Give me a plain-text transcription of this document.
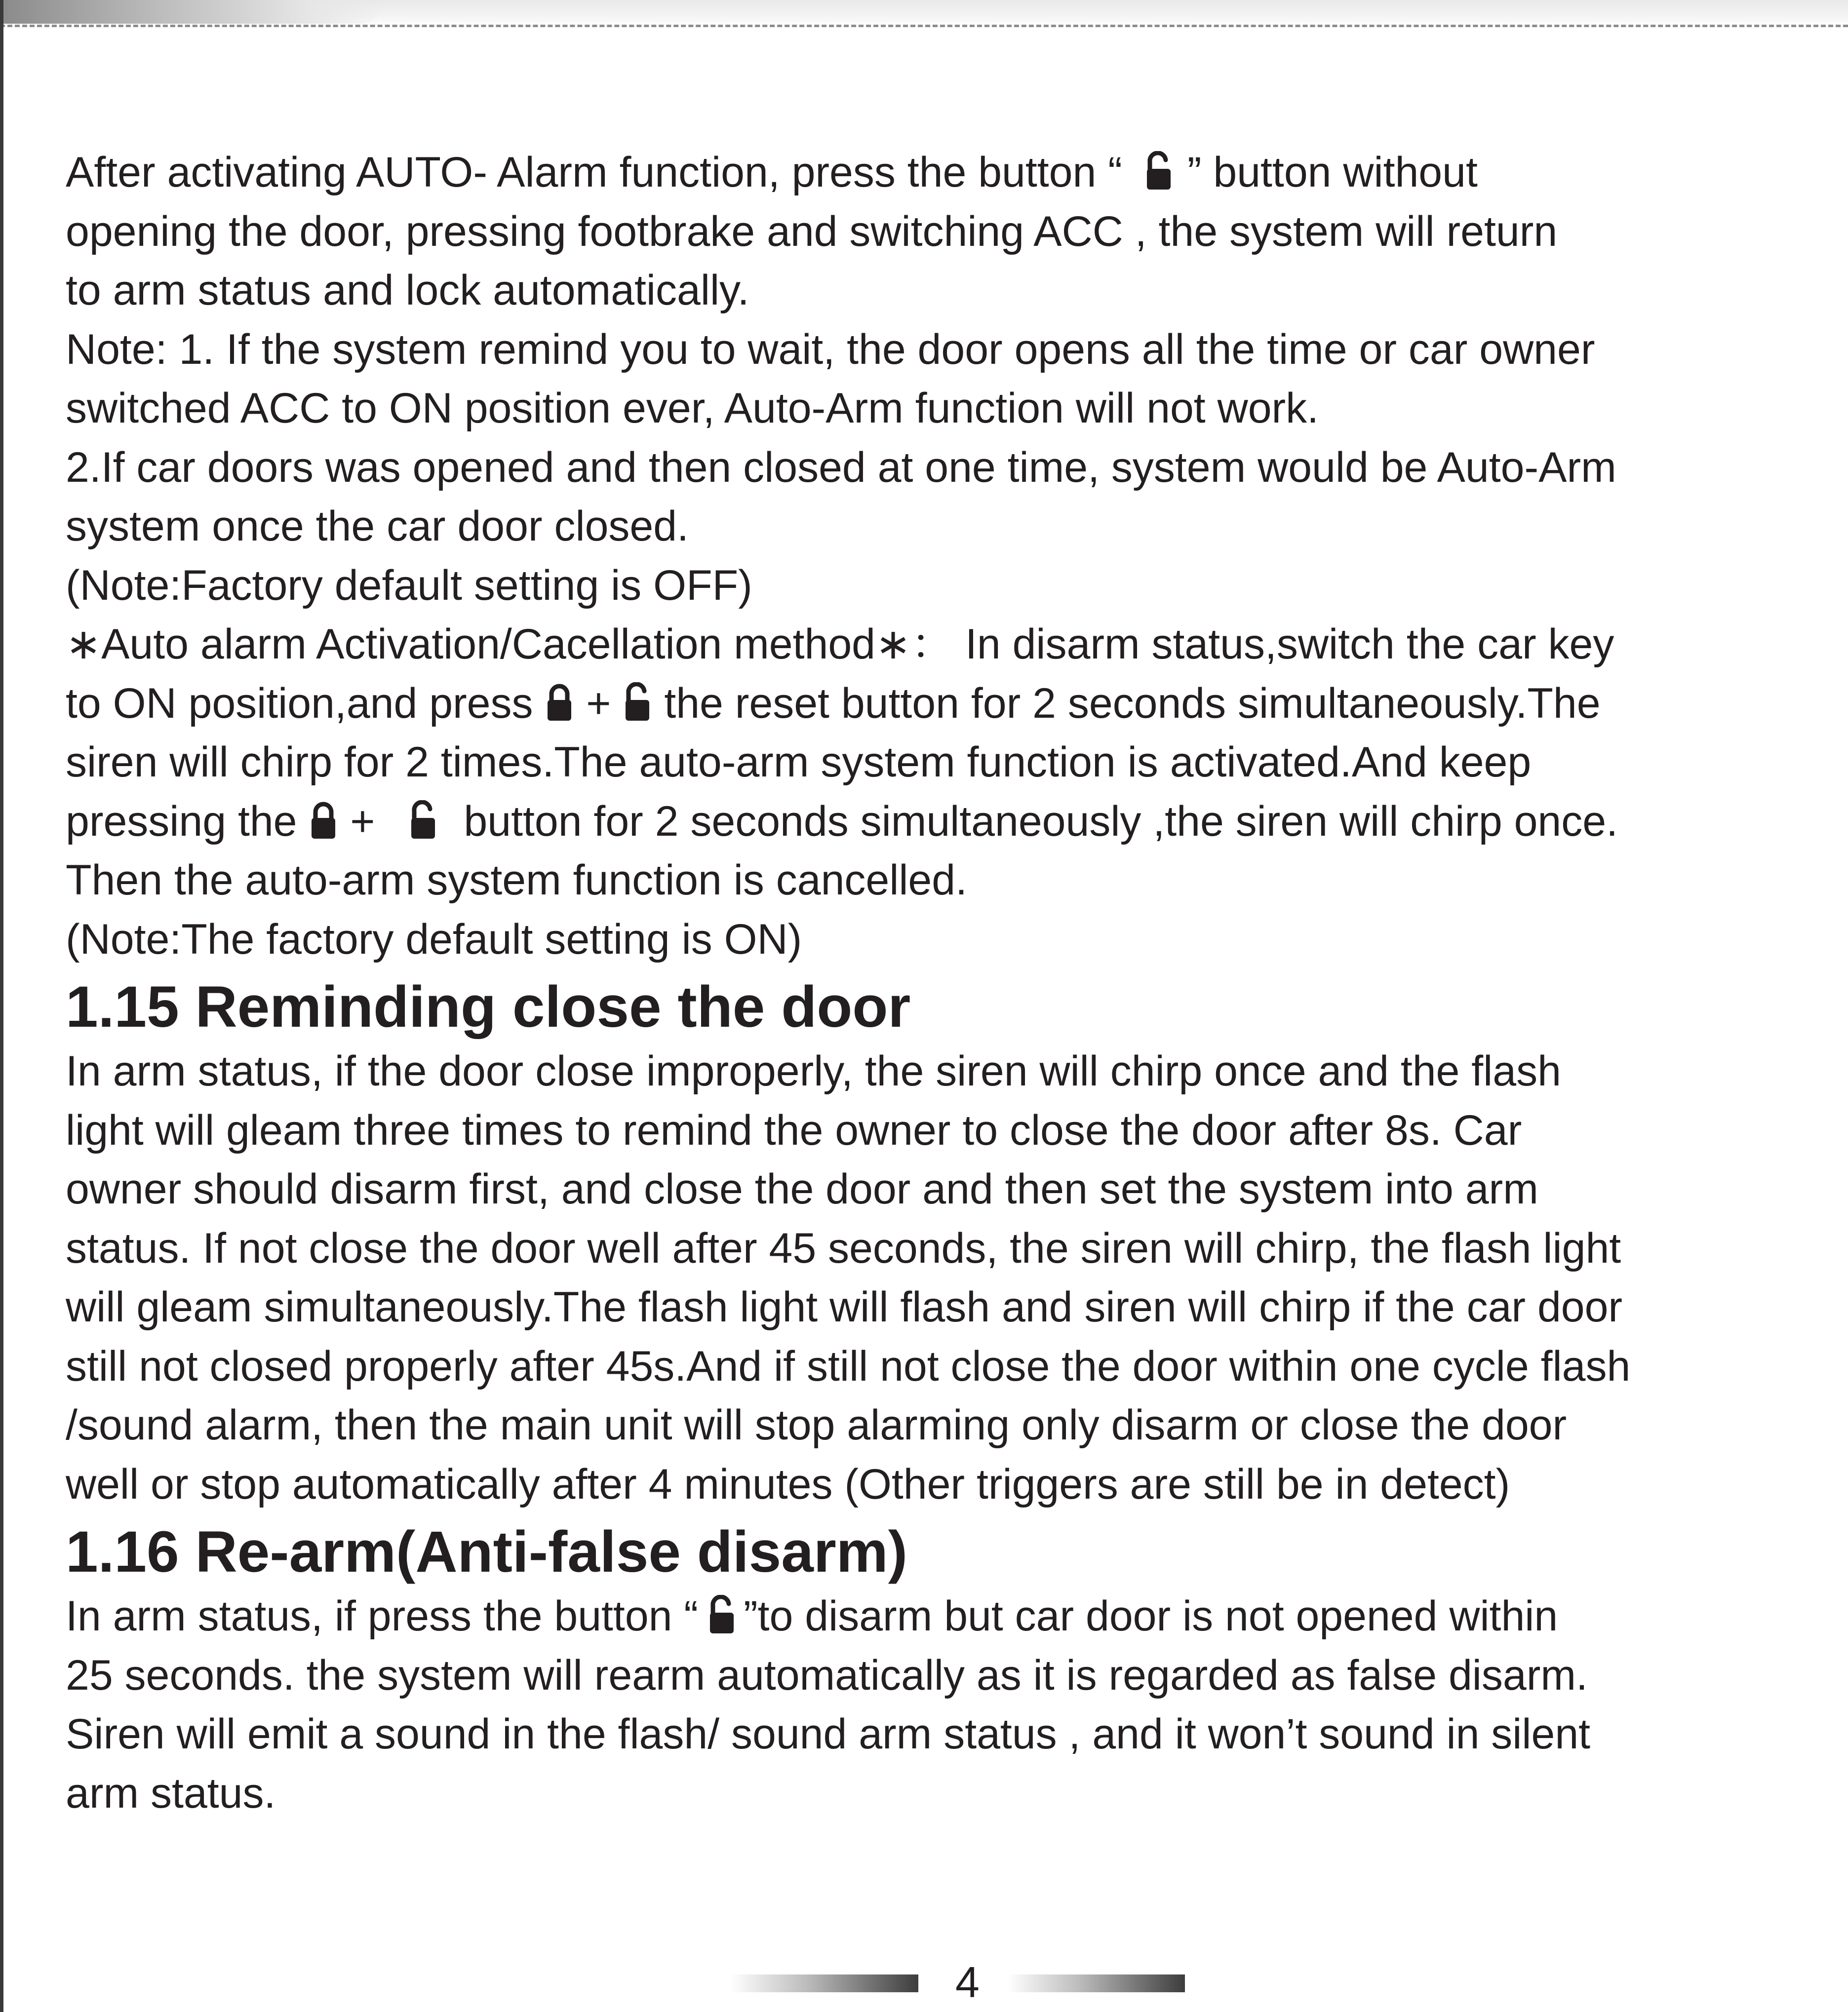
After activating AUTO- Alarm function, press the button “ ” button without
opening the door, pressing footbrake and switching ACC , the system will return
to arm status and lock automatically.
Note: 1. If the system remind you to wait, the door opens all the time or car owner
switched ACC to ON position ever, Auto-Arm function will not work.
2.If car doors was opened and then closed at one time, system would be Auto-Arm
system once the car door closed.
(Note:Factory default setting is OFF)
∗Auto alarm Activation/Cacellation method∗： In disarm status,switch the car key
to ON position,and press
+
the reset button for 2 seconds simultaneously.The
siren will chirp for 2 times.The auto-arm system function is activated.And keep
pressing the
+
button for 2 seconds simultaneously ,the siren will chirp once.
Then the auto-arm system function is cancelled.
(Note:The factory default setting is ON)
1.15 Reminding close the door
In arm status, if the door close improperly, the siren will chirp once and the flash
light will gleam three times to remind the owner to close the door after 8s. Car
owner should disarm first, and close the door and then set the system into arm
status. If not close the door well after 45 seconds, the siren will chirp, the flash light
will gleam simultaneously.The flash light will flash and siren will chirp if the car door
still not closed properly after 45s.And if still not close the door within one cycle flash
/sound alarm, then the main unit will stop alarming only disarm or close the door
well or stop automatically after 4 minutes (Other triggers are still be in detect)
1.16 Re-arm(Anti-false disarm)
In arm status, if press the button “ ”to disarm but car door is not opened within
25 seconds. the system will rearm automatically as it is regarded as false disarm.
Siren will emit a sound in the flash/ sound arm status , and it won’t sound in silent
arm status.
4
